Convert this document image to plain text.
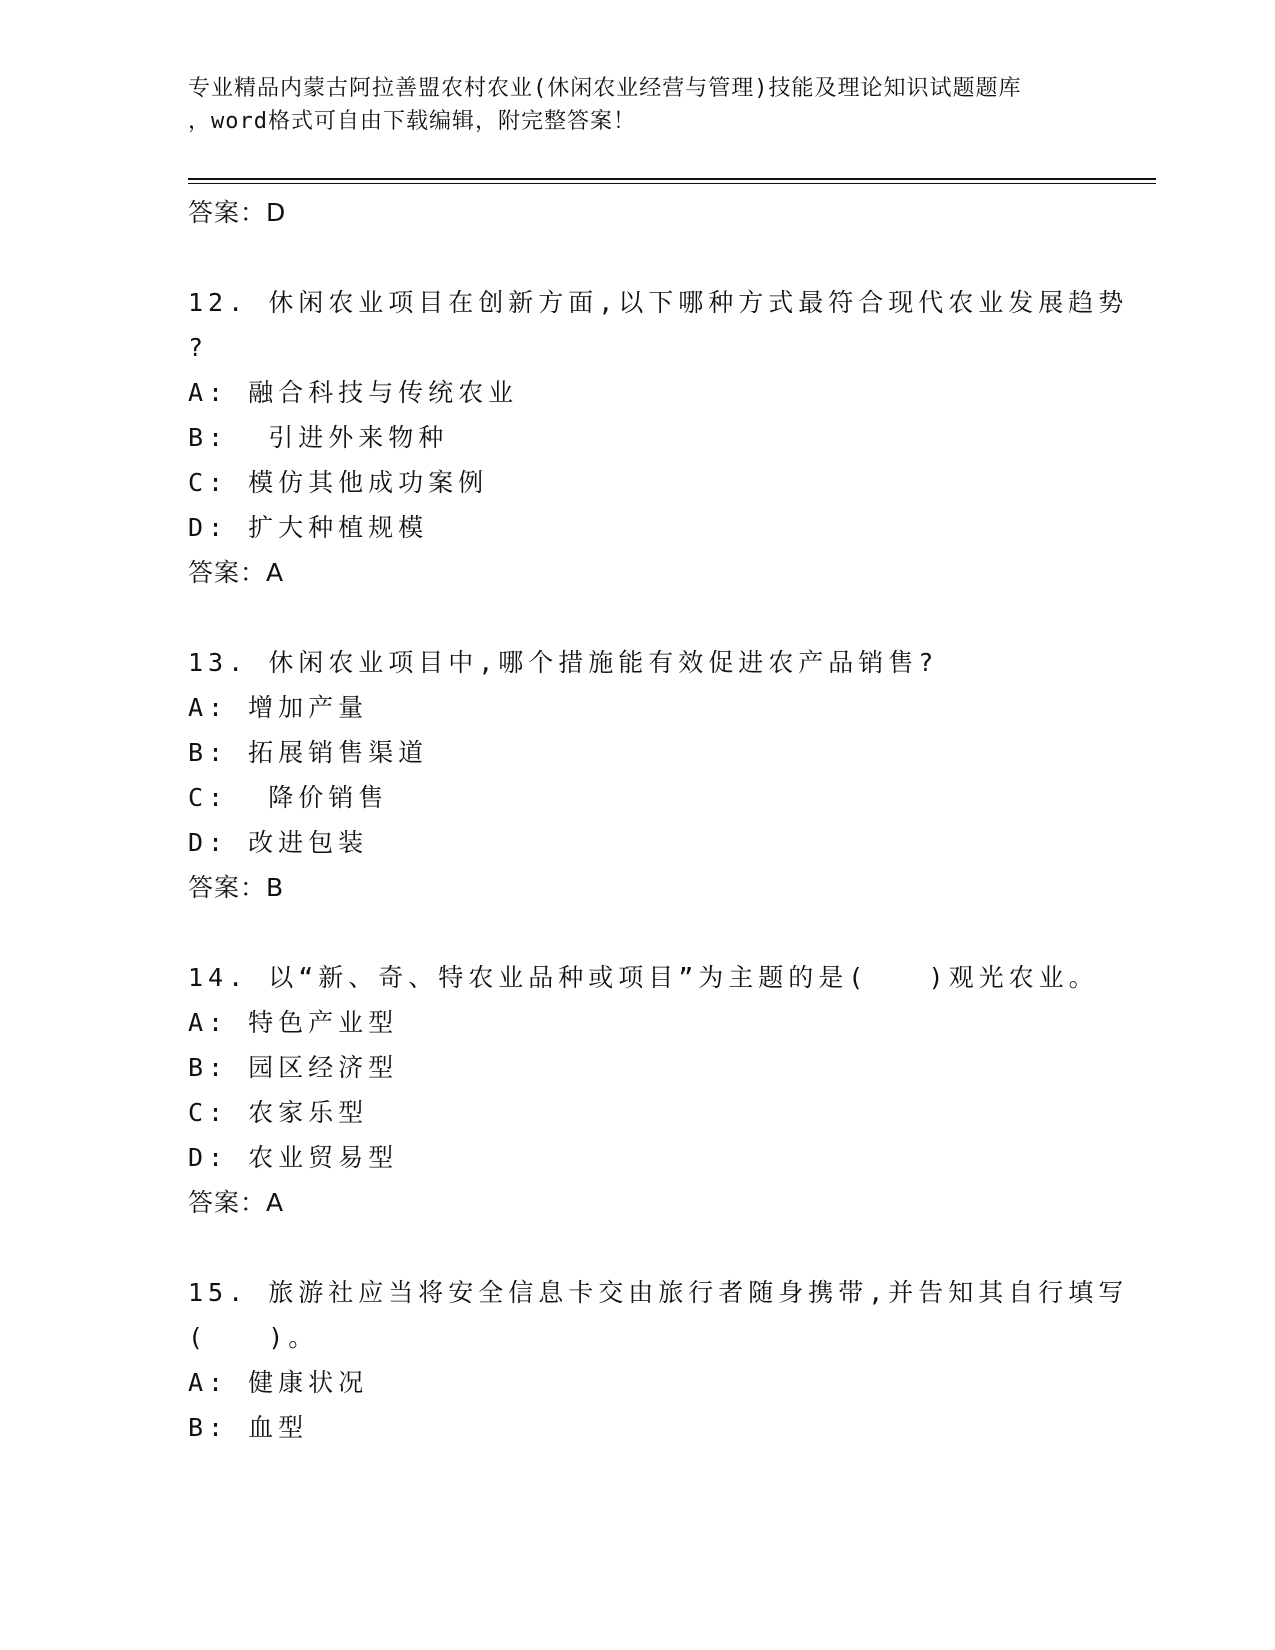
专业精品内蒙古阿拉善盟农村农业(休闲农业经营与管理)技能及理论知识试题题库
，word格式可自由下载编辑，附完整答案！
答案：D
12. 休闲农业项目在创新方面,以下哪种方式最符合现代农业发展趋势
?
A: 融合科技与传统农业
B:  引进外来物种
C: 模仿其他成功案例
D: 扩大种植规模
答案：A
13. 休闲农业项目中,哪个措施能有效促进农产品销售?
A: 增加产量
B: 拓展销售渠道
C:  降价销售
D: 改进包装
答案：B
14. 以“新、奇、特农业品种或项目”为主题的是(   )观光农业。
A: 特色产业型
B: 园区经济型
C: 农家乐型
D: 农业贸易型
答案：A
15. 旅游社应当将安全信息卡交由旅行者随身携带,并告知其自行填写
(   )。
A: 健康状况
B: 血型
